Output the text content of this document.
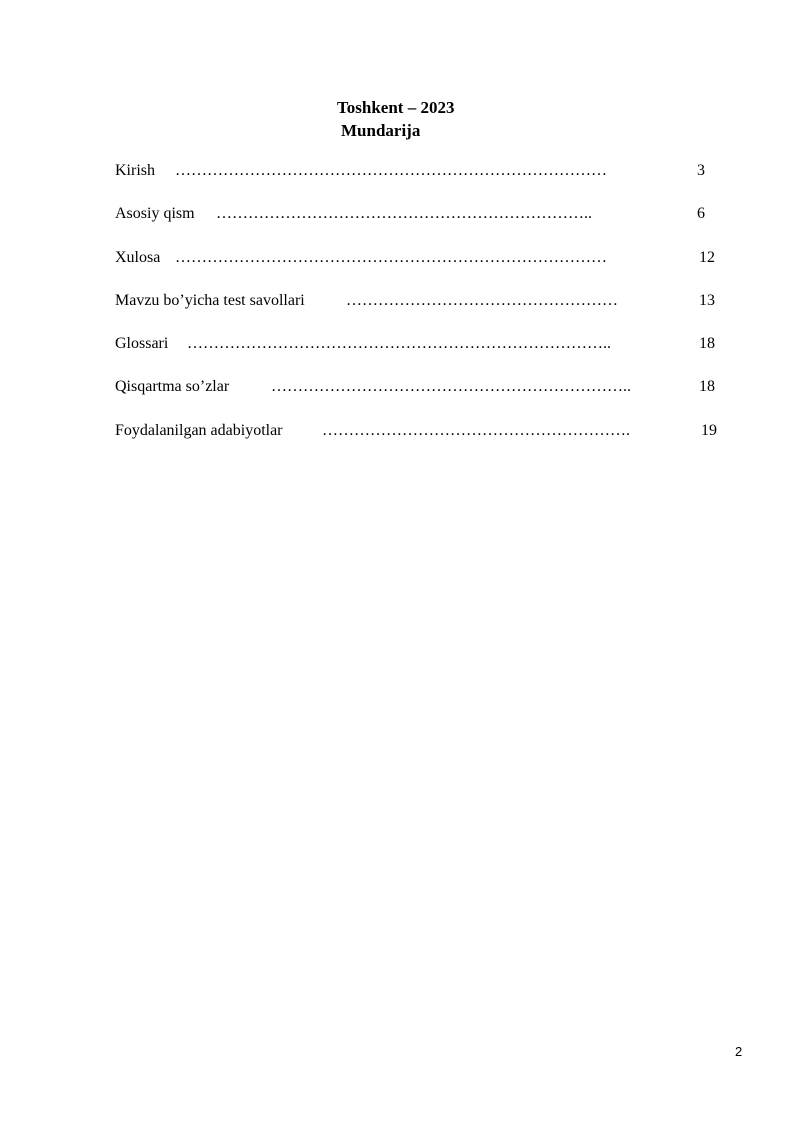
Toshkent – 2023
Mundarija
Kirish ………………………………………………………………………	3
Asosiy qism ……………………………………………………………..	6
Xulosa ………………………………………………………………………	12
Mavzu bo’yicha test savollari	……………………………………………	13
Glossari ……………………………………………………………………..	18
Qisqartma so’zlar	…………………………………………………………..	18
Foydalanilgan adabiyotlar ………………………………………………….	19
2
